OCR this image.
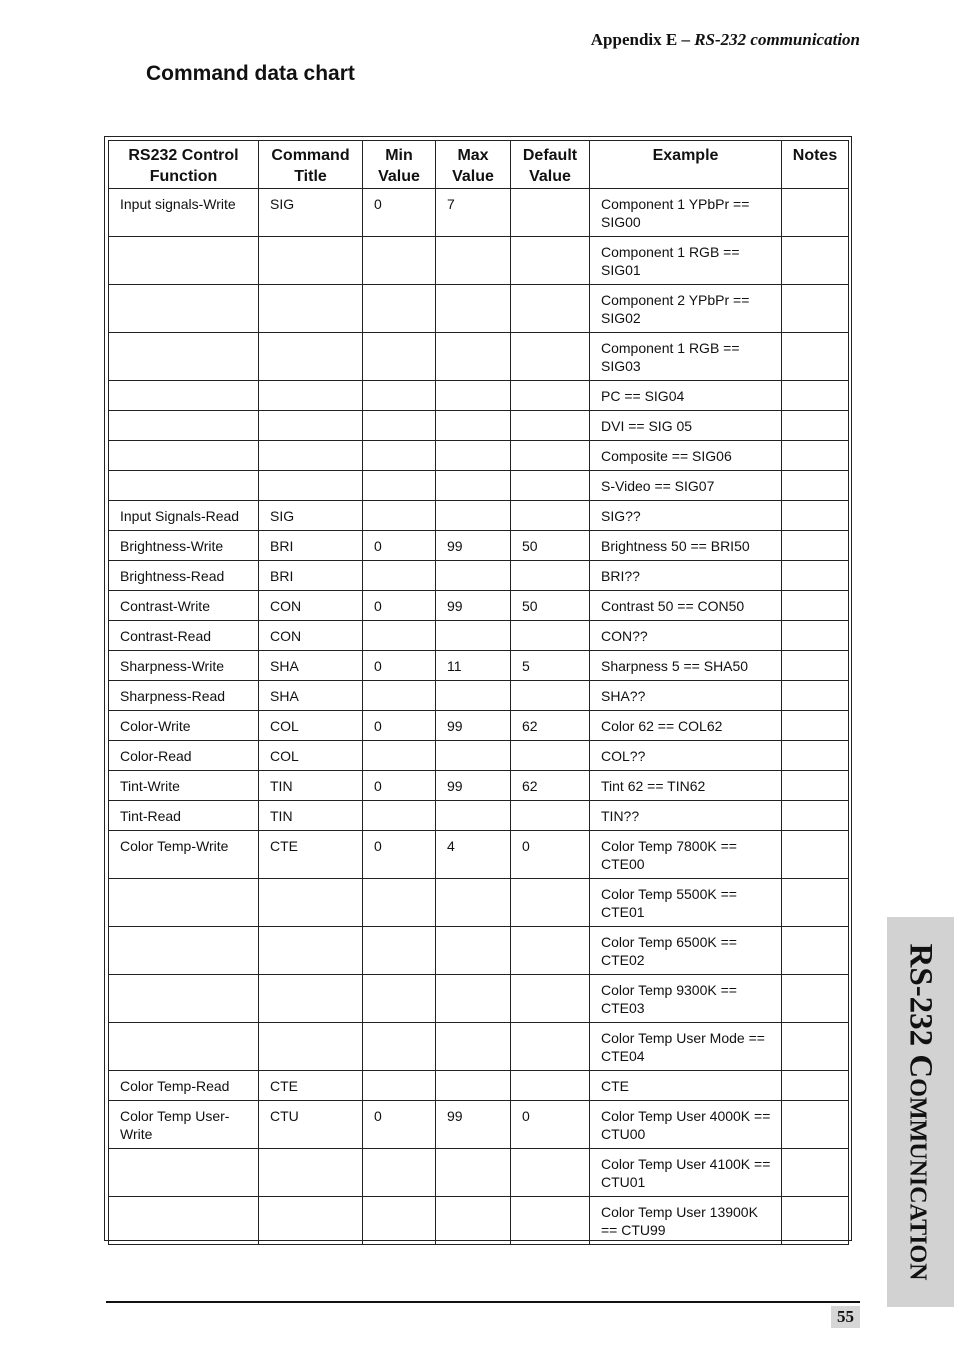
Appendix E – RS-232 communication
Command data chart
RS232 Control Function	Command Title	Min Value	Max Value	Default Value	Example	Notes
Input signals-Write	SIG	0	7		Component 1 YPbPr == SIG00	
					Component 1 RGB == SIG01	
					Component 2 YPbPr == SIG02	
					Component 1 RGB == SIG03	
					PC == SIG04	
					DVI == SIG 05	
					Composite == SIG06	
					S-Video == SIG07	
Input Signals-Read	SIG				SIG??	
Brightness-Write	BRI	0	99	50	Brightness 50 == BRI50	
Brightness-Read	BRI				BRI??	
Contrast-Write	CON	0	99	50	Contrast 50 == CON50	
Contrast-Read	CON				CON??	
Sharpness-Write	SHA	0	11	5	Sharpness 5 == SHA50	
Sharpness-Read	SHA				SHA??	
Color-Write	COL	0	99	62	Color 62 == COL62	
Color-Read	COL				COL??	
Tint-Write	TIN	0	99	62	Tint 62 == TIN62	
Tint-Read	TIN				TIN??	
Color Temp-Write	CTE	0	4	0	Color Temp 7800K == CTE00	
					Color Temp 5500K == CTE01	
					Color Temp 6500K == CTE02	
					Color Temp 9300K == CTE03	
					Color Temp User Mode == CTE04	
Color Temp-Read	CTE				CTE	
Color Temp User-Write	CTU	0	99	0	Color Temp User 4000K == CTU00	
					Color Temp User 4100K == CTU01	
					Color Temp User 13900K == CTU99	
RS-232 COMMUNICATION
55
